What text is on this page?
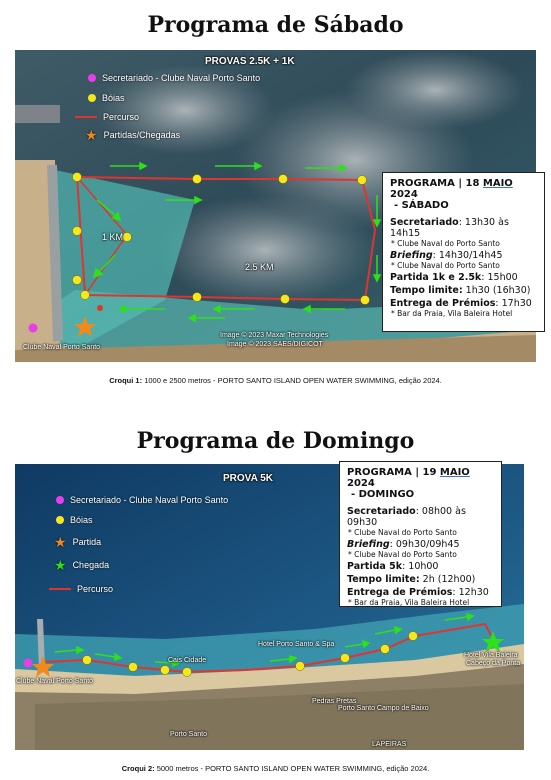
Programa de Sábado
PROVAS 2.5K + 1K
Secretariado - Clube Naval Porto Santo
Bóias
Percurso
★ Partidas/Chegadas
1 KM
2.5 KM
Clube Naval Porto Santo
Image © 2023 Maxar Technologies
Image © 2023 SAES/DIGICOT
PROGRAMA | 18 MAIO 2024
- SÁBADO
Secretariado: 13h30 às 14h15
* Clube Naval do Porto Santo
Briefing: 14h30/14h45
* Clube Naval do Porto Santo
Partida 1k e 2.5k: 15h00
Tempo limite: 1h30 (16h30)
Entrega de Prémios: 17h30
* Bar da Praia, Vila Baleira Hotel
Croqui 1: 1000 e 2500 metros - PORTO SANTO ISLAND OPEN WATER SWIMMING, edição 2024.
Programa de Domingo
PROVA 5K
Secretariado - Clube Naval Porto Santo
Bóias
★ Partida
★ Chegada
Percurso
Clube Naval Porto Santo
Cais Cidade
Hotel Porto Santo & Spa
Hotel Vila Baleira
Cabeço da Ponta
Pedras Pretas
Porto Santo Campo de Baixo
Porto Santo
LAPEIRAS
PROGRAMA | 19 MAIO 2024
- DOMINGO
Secretariado: 08h00 às 09h30
* Clube Naval do Porto Santo
Briefing: 09h30/09h45
* Clube Naval do Porto Santo
Partida 5k: 10h00
Tempo limite: 2h (12h00)
Entrega de Prémios: 12h30
* Bar da Praia, Vila Baleira Hotel
Croqui 2: 5000 metros - PORTO SANTO ISLAND OPEN WATER SWIMMING, edição 2024.
